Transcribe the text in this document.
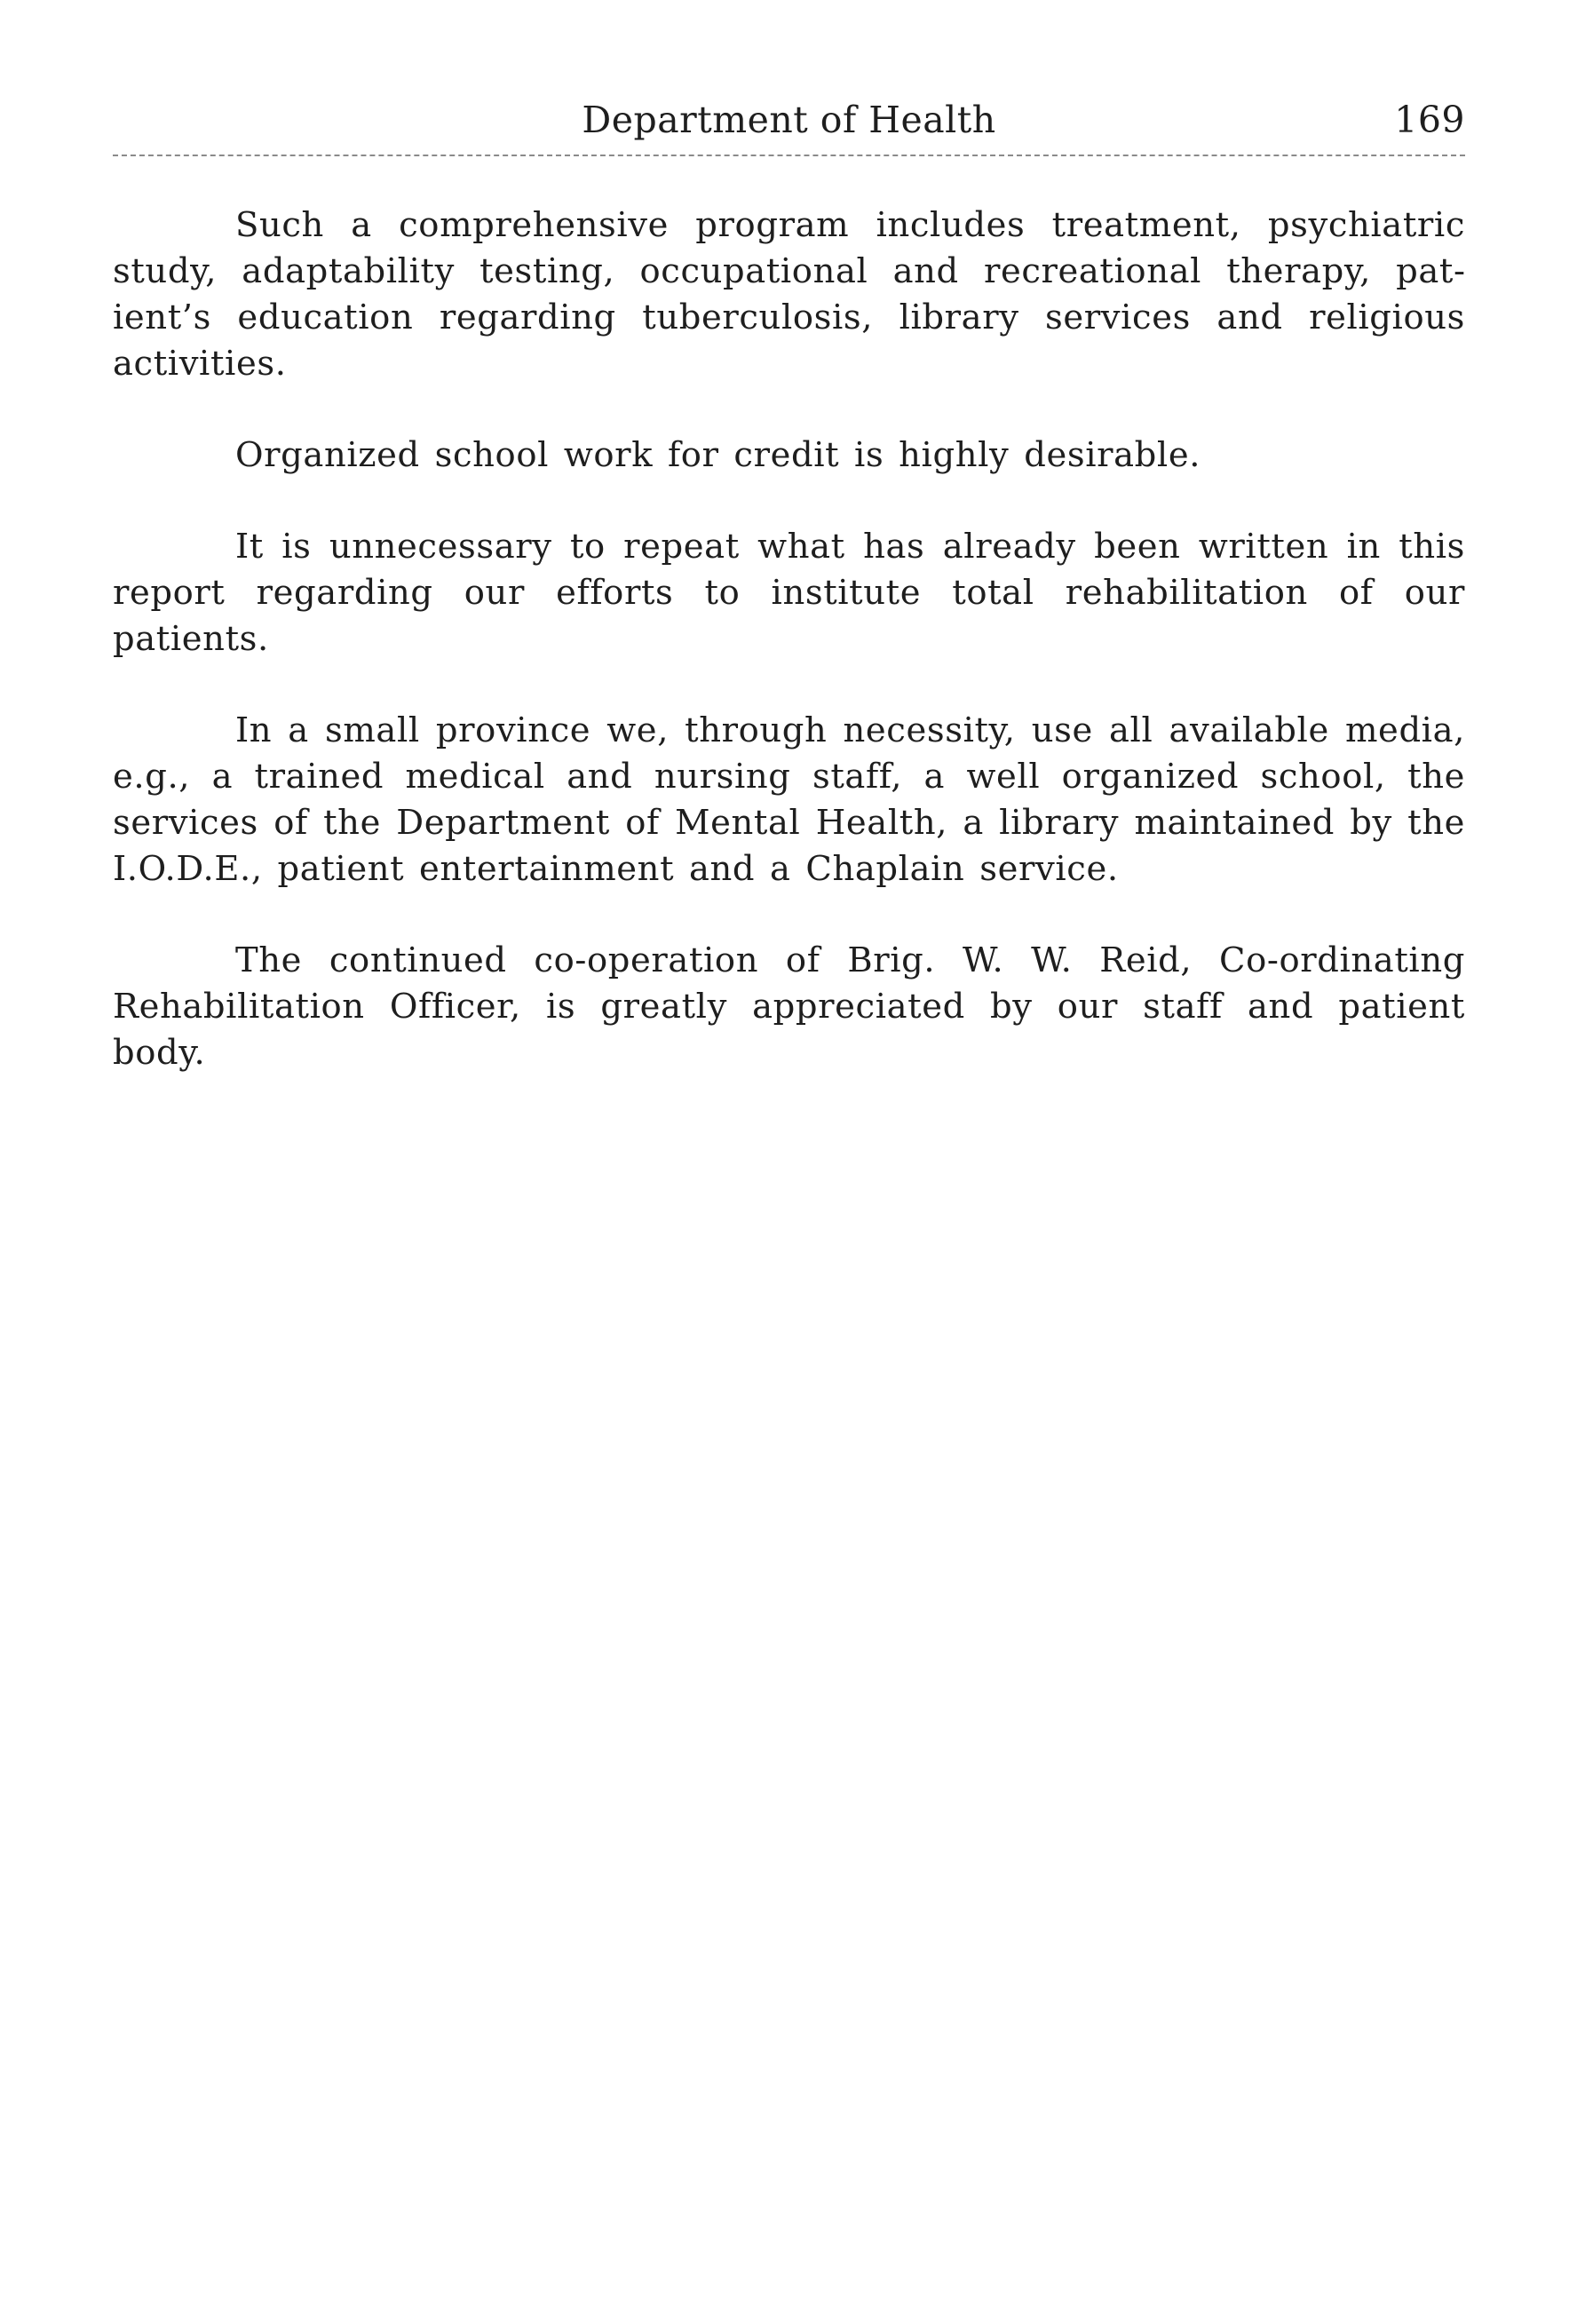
Department of Health	169

Such a comprehensive program includes treatment, psychiatric study, adaptability testing, occupational and recreational therapy, patient’s education regarding tuberculosis, library services and religious activities.

Organized school work for credit is highly desirable.

It is unnecessary to repeat what has already been written in this report regarding our efforts to institute total rehabilitation of our patients.

In a small province we, through necessity, use all available media, e.g., a trained medical and nursing staff, a well organized school, the services of the Department of Mental Health, a library maintained by the I.O.D.E., patient entertainment and a Chaplain service.

The continued co-operation of Brig. W. W. Reid, Co-ordinating Rehabilitation Officer, is greatly appreciated by our staff and patient body.
